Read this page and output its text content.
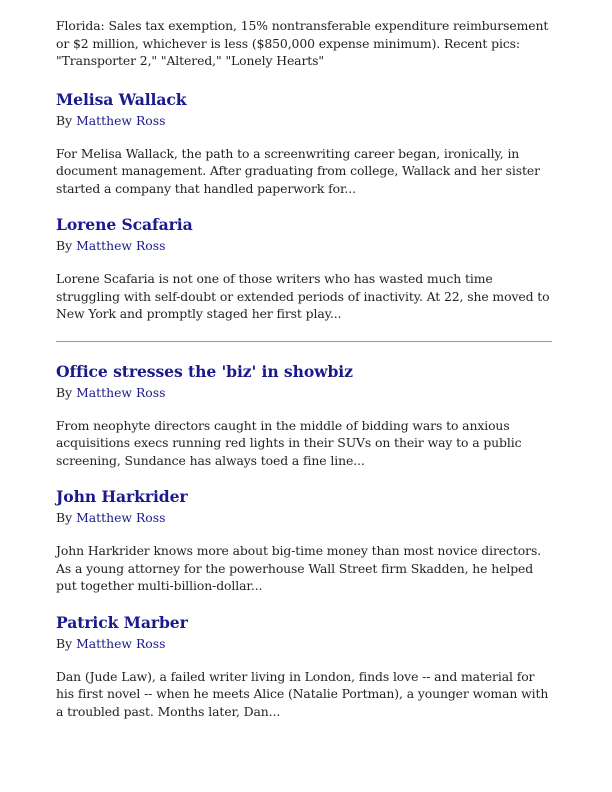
Florida: Sales tax exemption, 15% nontransferable expenditure reimbursement or $2 million, whichever is less ($850,000 expense minimum). Recent pics: "Transporter 2," "Altered," "Lonely Hearts"

Melisa Wallack

By Matthew Ross

For Melisa Wallack, the path to a screenwriting career began, ironically, in document management. After graduating from college, Wallack and her sister started a company that handled paperwork for...

Lorene Scafaria

By Matthew Ross

Lorene Scafaria is not one of those writers who has wasted much time struggling with self-doubt or extended periods of inactivity. At 22, she moved to New York and promptly staged her first play...

Office stresses the 'biz' in showbiz

By Matthew Ross

From neophyte directors caught in the middle of bidding wars to anxious acquisitions execs running red lights in their SUVs on their way to a public screening, Sundance has always toed a fine line...

John Harkrider

By Matthew Ross

John Harkrider knows more about big-time money than most novice directors. As a young attorney for the powerhouse Wall Street firm Skadden, he helped put together multi-billion-dollar...

Patrick Marber

By Matthew Ross

Dan (Jude Law), a failed writer living in London, finds love -- and material for his first novel -- when he meets Alice (Natalie Portman), a younger woman with a troubled past. Months later, Dan...
